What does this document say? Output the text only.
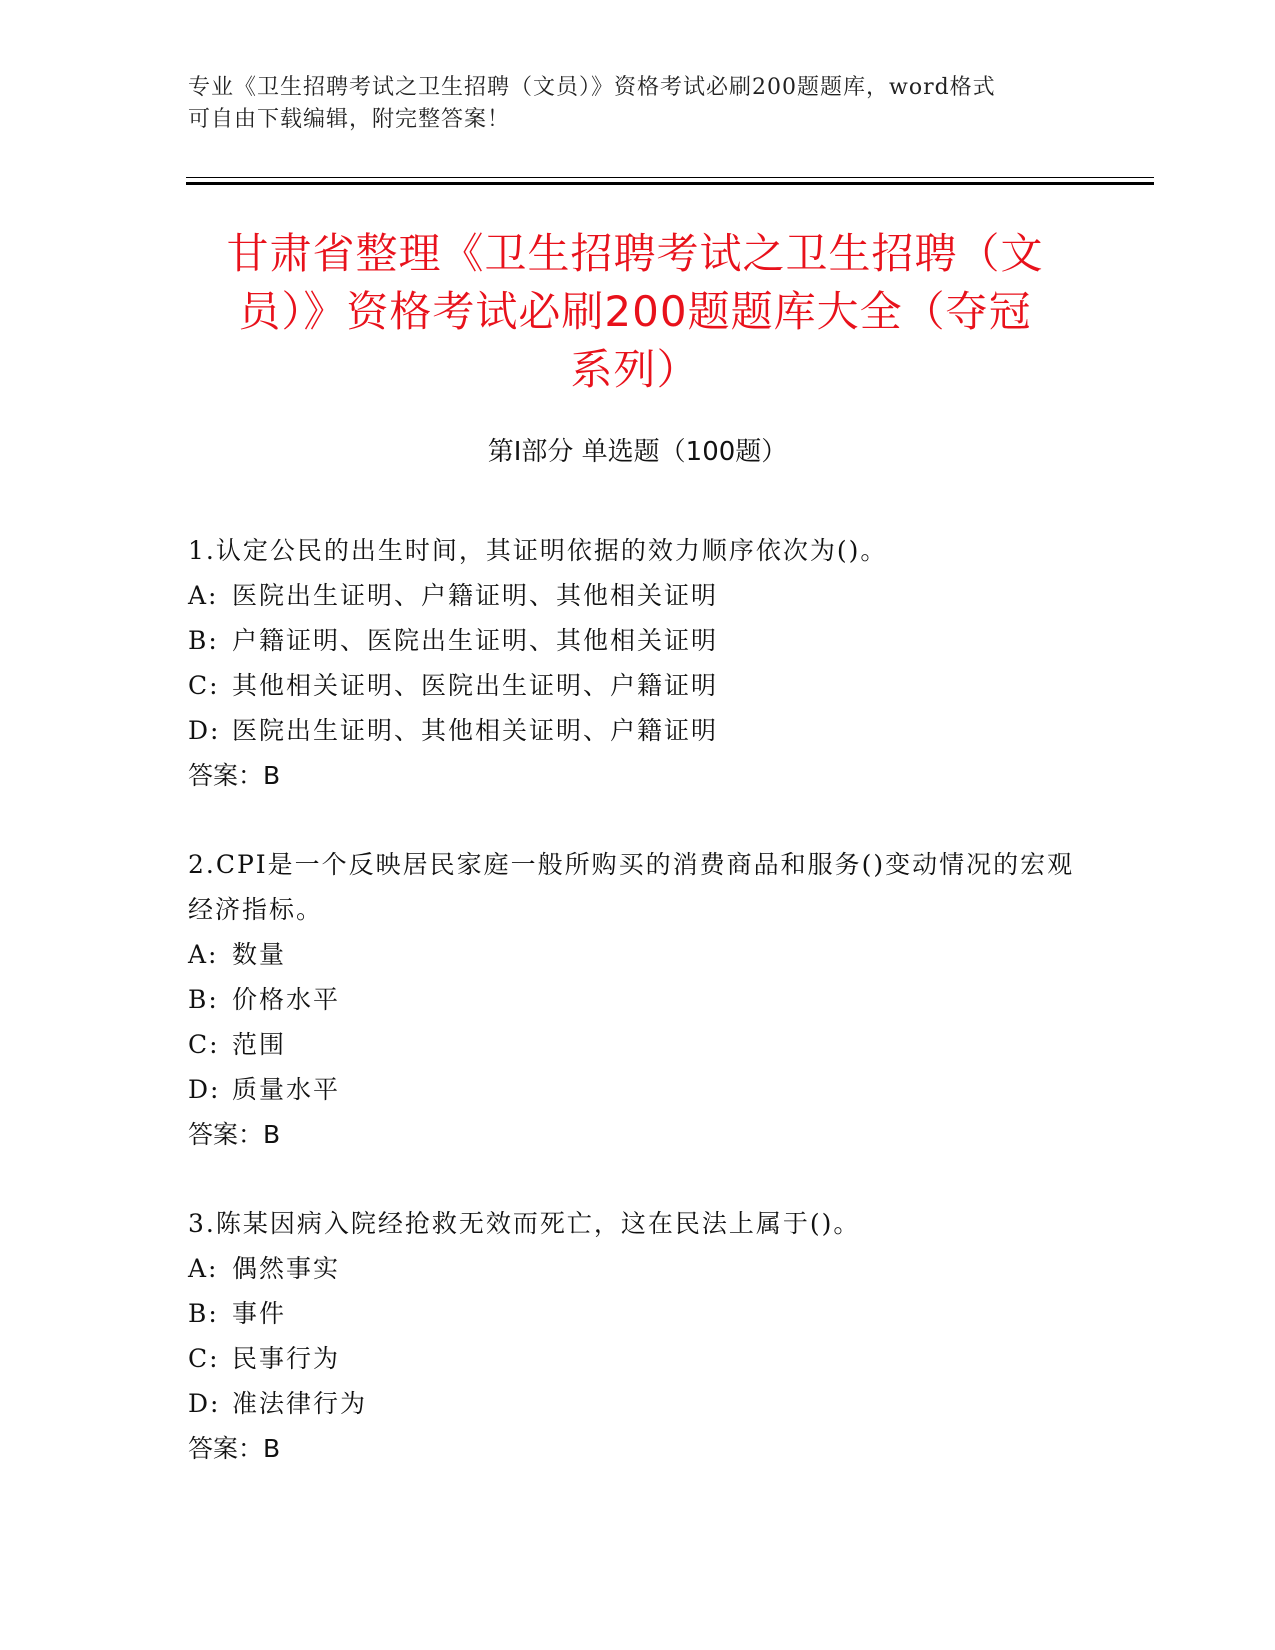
专业《卫生招聘考试之卫生招聘（文员）》资格考试必刷200题题库，word格式
可自由下载编辑，附完整答案！
甘肃省整理《卫生招聘考试之卫生招聘（文
员）》资格考试必刷200题题库大全（夺冠
系列）
第Ⅰ部分 单选题（100题）
1.认定公民的出生时间，其证明依据的效力顺序依次为()。
A: 医院出生证明、户籍证明、其他相关证明
B: 户籍证明、医院出生证明、其他相关证明
C: 其他相关证明、医院出生证明、户籍证明
D: 医院出生证明、其他相关证明、户籍证明
答案：B
2.CPI是一个反映居民家庭一般所购买的消费商品和服务()变动情况的宏观经济指标。
A: 数量
B: 价格水平
C: 范围
D: 质量水平
答案：B
3.陈某因病入院经抢救无效而死亡，这在民法上属于()。
A: 偶然事实
B: 事件
C: 民事行为
D: 准法律行为
答案：B
